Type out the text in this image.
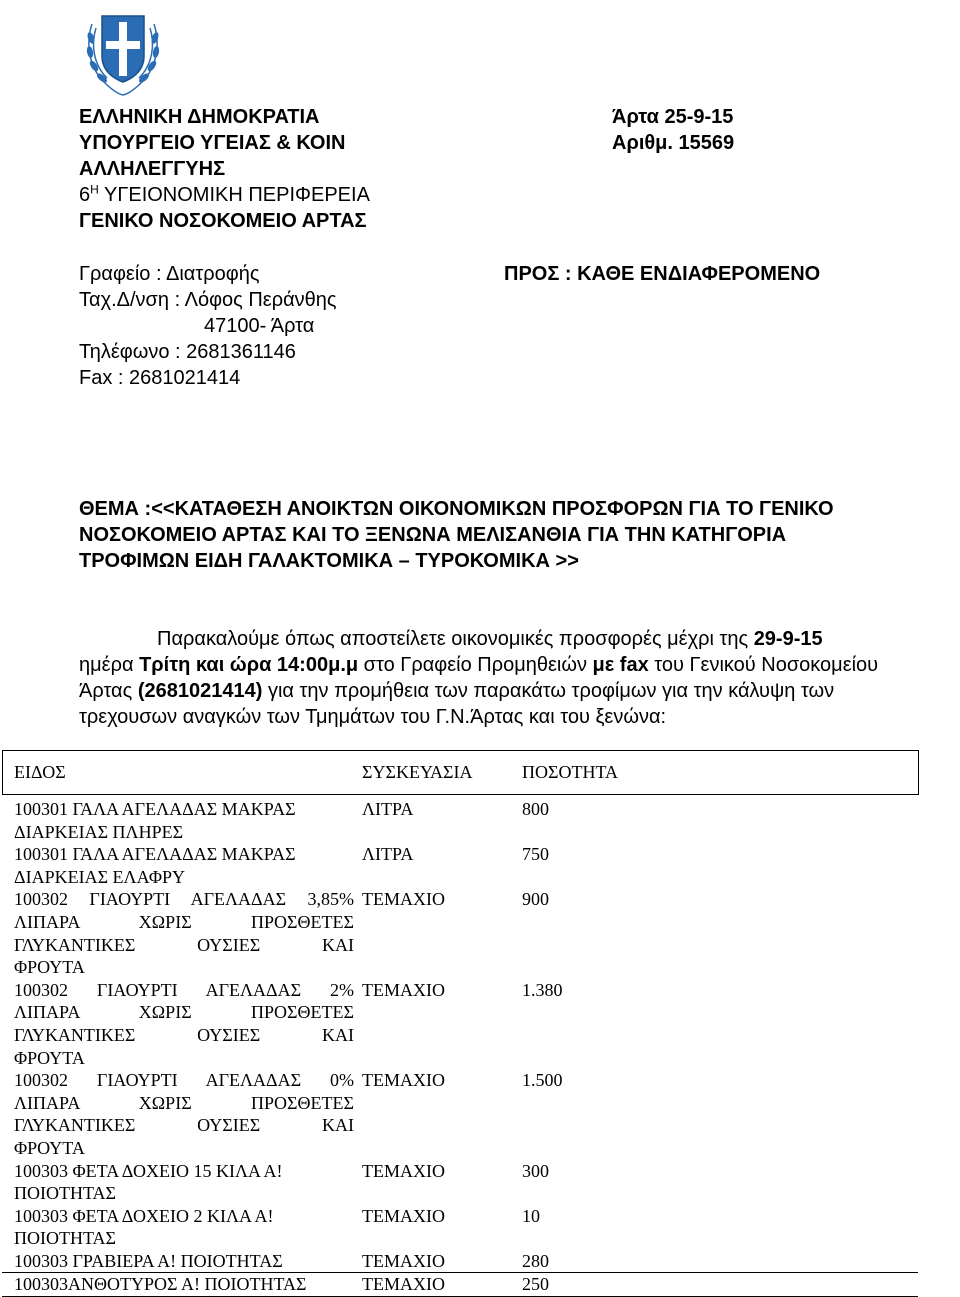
ΕΛΛΗΝΙΚΗ ΔΗΜΟΚΡΑΤΙΑ
ΥΠΟΥΡΓΕΙΟ ΥΓΕΙΑΣ & ΚΟΙΝ
ΑΛΛΗΛΕΓΓΥΗΣ
$6^H$ ΥΓΕΙΟΝΟΜΙΚΗ ΠΕΡΙΦΕΡΕΙΑ
ΓΕΝΙΚΟ ΝΟΣΟΚΟΜΕΙΟ ΑΡΤΑΣ
Άρτα 25-9-15
Αριθμ. 15569
Γραφείο : Διατροφής
Ταχ.Δ/νση : Λόφος Περάνθης
47100- Άρτα
Τηλέφωνο : 2681361146
Fax : 2681021414
ΠΡΟΣ : ΚΑΘΕ ΕΝΔΙΑΦΕΡΟΜΕΝΟ
ΘΕΜΑ :<<ΚΑΤΑΘΕΣΗ ΑΝΟΙΚΤΩΝ ΟΙΚΟΝΟΜΙΚΩΝ ΠΡΟΣΦΟΡΩΝ ΓΙΑ ΤΟ ΓΕΝΙΚΟ
ΝΟΣΟΚΟΜΕΙΟ ΑΡΤΑΣ ΚΑΙ ΤΟ ΞΕΝΩΝΑ ΜΕΛΙΣΑΝΘΙΑ ΓΙΑ ΤΗΝ ΚΑΤΗΓΟΡΙΑ
ΤΡΟΦΙΜΩΝ ΕΙΔΗ ΓΑΛΑΚΤΟΜΙΚΑ – ΤΥΡΟΚΟΜΙΚΑ >>
Παρακαλούμε όπως αποστείλετε οικονομικές προσφορές μέχρι της 29-9-15
ημέρα Τρίτη και ώρα 14:00μ.μ στο Γραφείο Προμηθειών με fax του Γενικού Νοσοκομείου
Άρτας (2681021414) για την προμήθεια των παρακάτω τροφίμων για την κάλυψη των
τρεχουσων αναγκών των Τμημάτων του Γ.Ν.Άρτας και του ξενώνα:
ΕΙΔΟΣ	ΣΥΣΚΕΥΑΣΙΑ	ΠΟΣΟΤΗΤΑ

100301 ΓΑΛΑ ΑΓΕΛΑΔΑΣ ΜΑΚΡΑΣ
ΔΙΑΡΚΕΙΑΣ ΠΛΗΡΕΣ	ΛΙΤΡΑ	800

100301 ΓΑΛΑ ΑΓΕΛΑΔΑΣ ΜΑΚΡΑΣ
ΔΙΑΡΚΕΙΑΣ ΕΛΑΦΡΥ	ΛΙΤΡΑ	750

100302 ΓΙΑΟΥΡΤΙ ΑΓΕΛΑΔΑΣ 3,85%
ΛΙΠΑΡΑ ΧΩΡΙΣ ΠΡΟΣΘΕΤΕΣ
ΓΛΥΚΑΝΤΙΚΕΣ ΟΥΣΙΕΣ ΚΑΙ
ΦΡΟΥΤΑ	ΤΕΜΑΧΙΟ	900

100302 ΓΙΑΟΥΡΤΙ ΑΓΕΛΑΔΑΣ 2%
ΛΙΠΑΡΑ ΧΩΡΙΣ ΠΡΟΣΘΕΤΕΣ
ΓΛΥΚΑΝΤΙΚΕΣ ΟΥΣΙΕΣ ΚΑΙ
ΦΡΟΥΤΑ	ΤΕΜΑΧΙΟ	1.380

100302 ΓΙΑΟΥΡΤΙ ΑΓΕΛΑΔΑΣ 0%
ΛΙΠΑΡΑ ΧΩΡΙΣ ΠΡΟΣΘΕΤΕΣ
ΓΛΥΚΑΝΤΙΚΕΣ ΟΥΣΙΕΣ ΚΑΙ
ΦΡΟΥΤΑ	ΤΕΜΑΧΙΟ	1.500

100303 ΦΕΤΑ ΔΟΧΕΙΟ 15 ΚΙΛΑ Α!
ΠΟΙΟΤΗΤΑΣ	ΤΕΜΑΧΙΟ	300

100303 ΦΕΤΑ ΔΟΧΕΙΟ 2 ΚΙΛΑ Α!
ΠΟΙΟΤΗΤΑΣ	ΤΕΜΑΧΙΟ	10

100303 ΓΡΑΒΙΕΡΑ Α! ΠΟΙΟΤΗΤΑΣ	ΤΕΜΑΧΙΟ	280

100303ΑΝΘΟΤΥΡΟΣ Α! ΠΟΙΟΤΗΤΑΣ	ΤΕΜΑΧΙΟ	250
